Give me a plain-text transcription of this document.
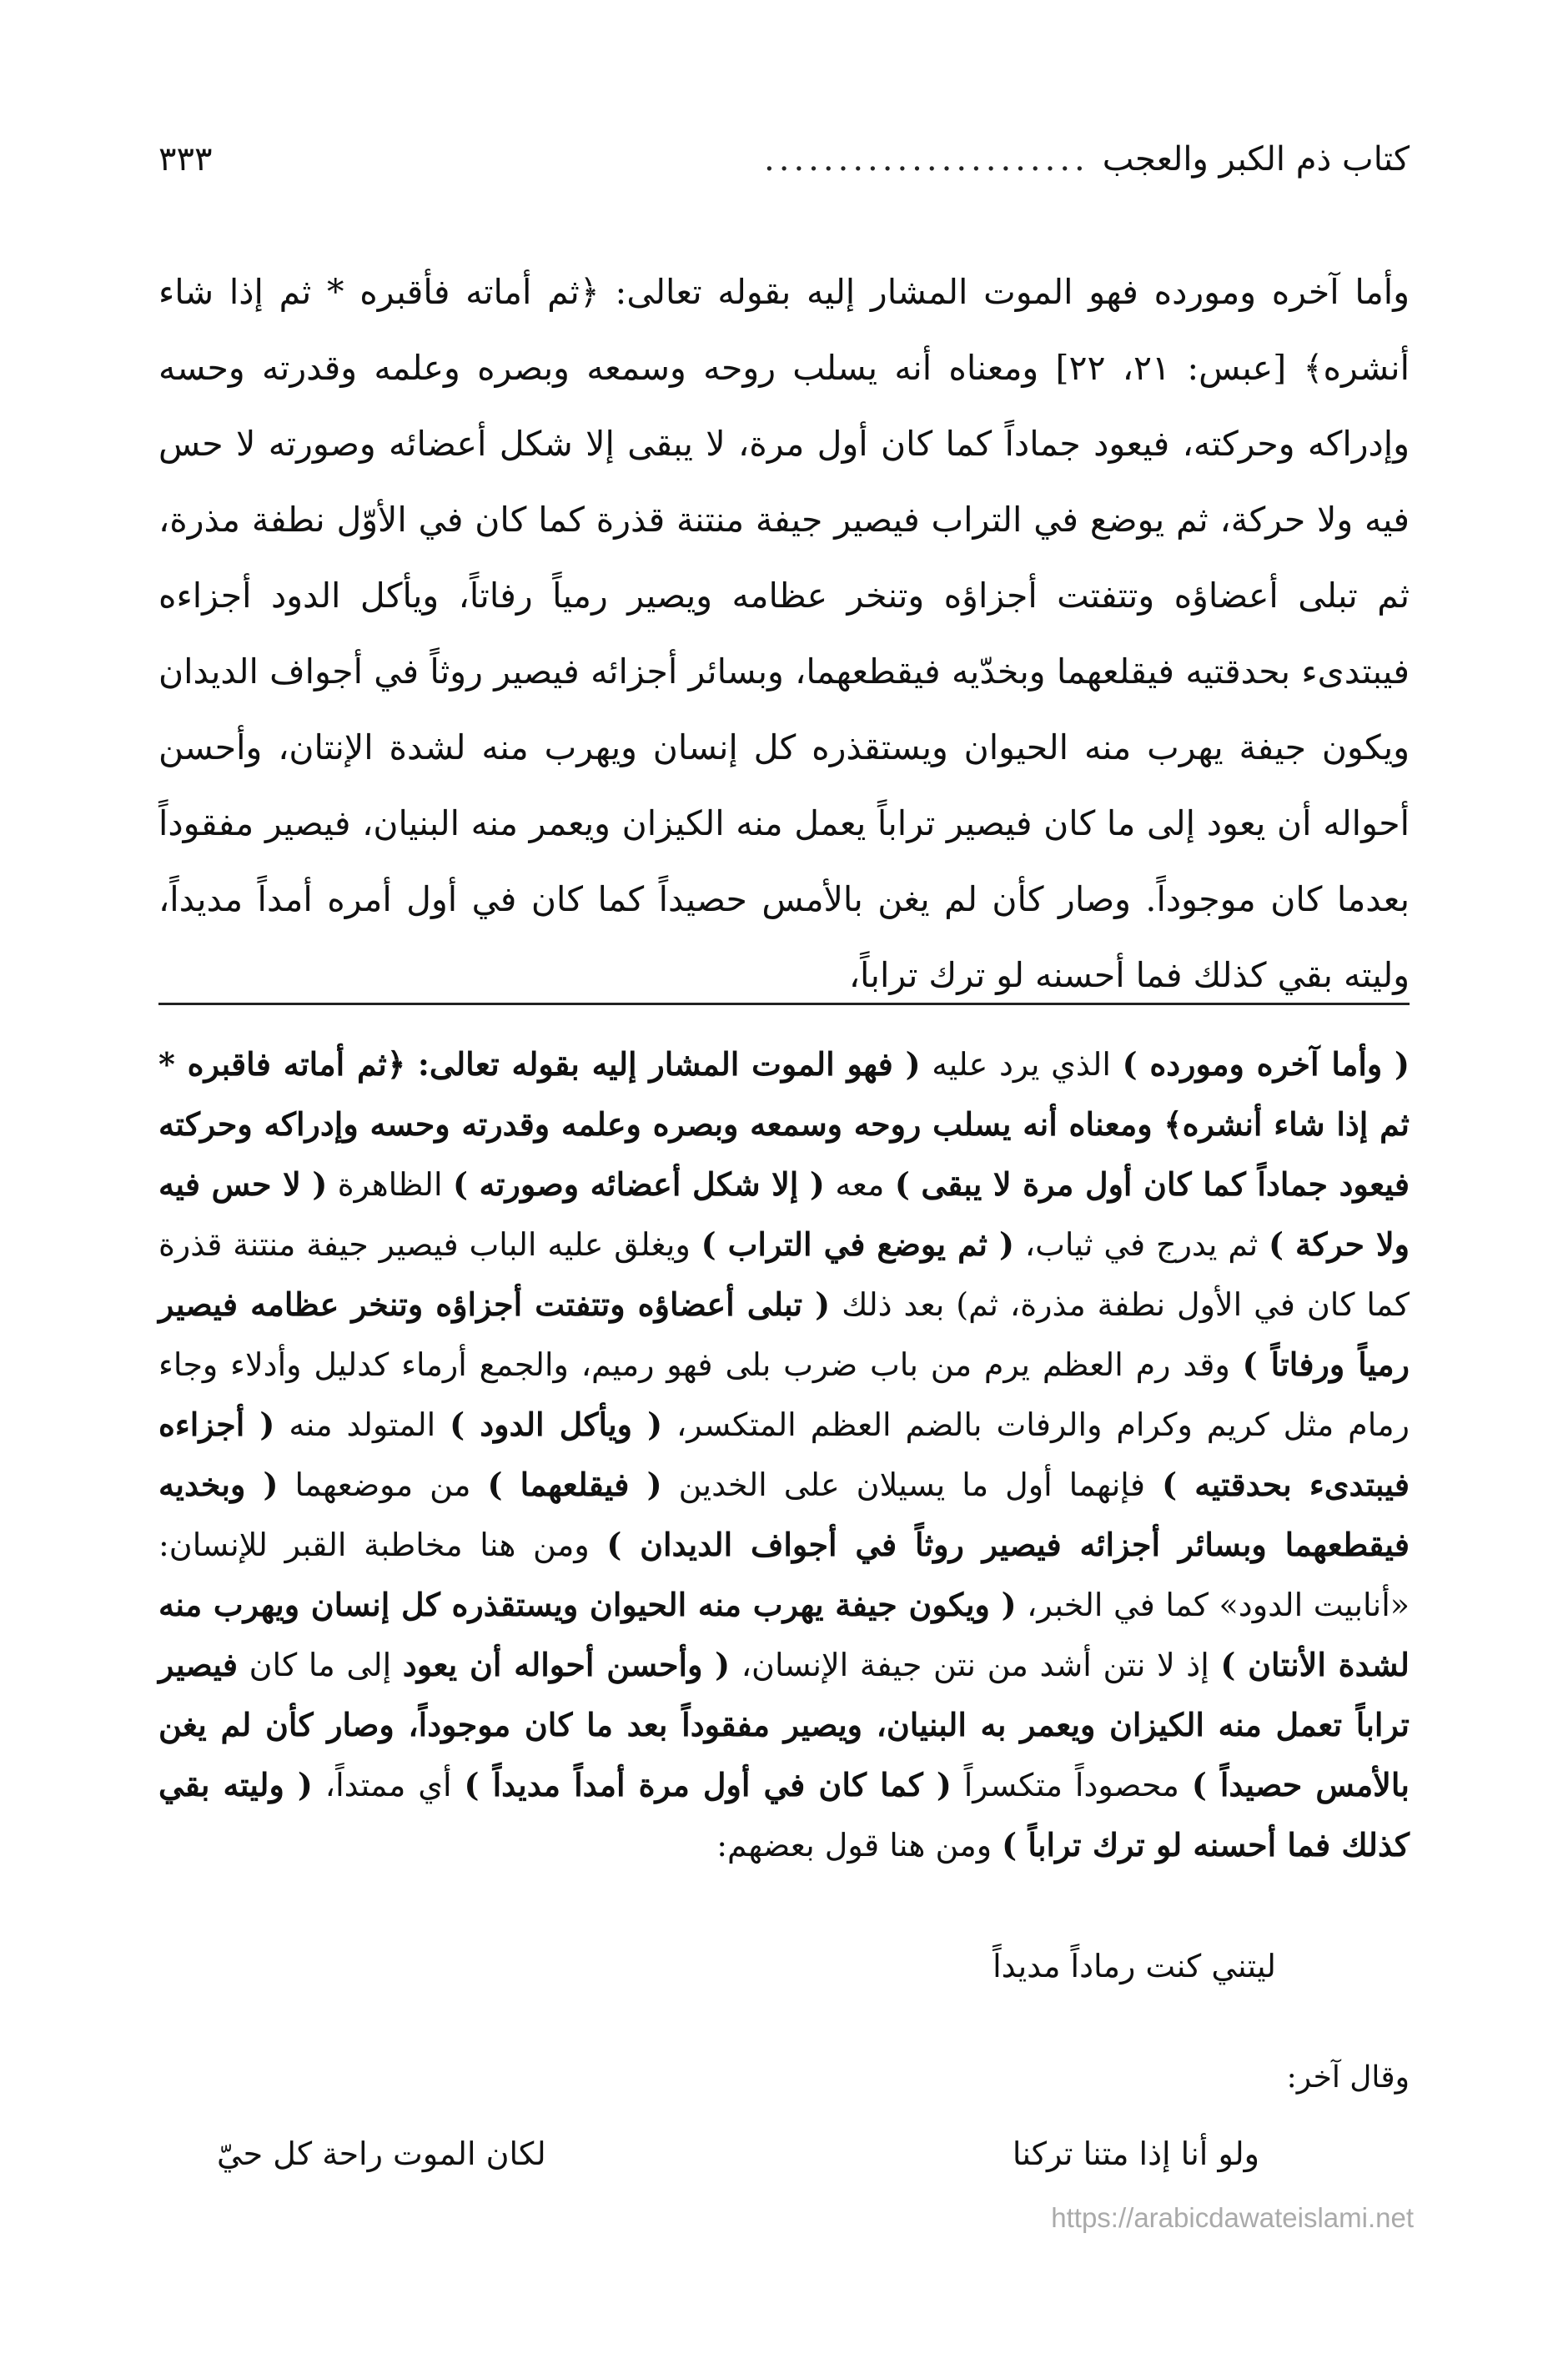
كتاب ذم الكبر والعجب
......................
٣٣٣

وأما آخره ومورده فهو الموت المشار إليه بقوله تعالى: ﴿ثم أماته فأقبره * ثم إذا شاء أنشره﴾ [عبس: ٢١، ٢٢] ومعناه أنه يسلب روحه وسمعه وبصره وعلمه وقدرته وحسه وإدراكه وحركته، فيعود جماداً كما كان أول مرة، لا يبقى إلا شكل أعضائه وصورته لا حس فيه ولا حركة، ثم يوضع في التراب فيصير جيفة منتنة قذرة كما كان في الأوّل نطفة مذرة، ثم تبلى أعضاؤه وتتفتت أجزاؤه وتنخر عظامه ويصير رمياً رفاتاً، ويأكل الدود أجزاءه فيبتدىء بحدقتيه فيقلعهما وبخدّيه فيقطعهما، وبسائر أجزائه فيصير روثاً في أجواف الديدان ويكون جيفة يهرب منه الحيوان ويستقذره كل إنسان ويهرب منه لشدة الإنتان، وأحسن أحواله أن يعود إلى ما كان فيصير تراباً يعمل منه الكيزان ويعمر منه البنيان، فيصير مفقوداً بعدما كان موجوداً. وصار كأن لم يغن بالأمس حصيداً كما كان في أول أمره أمداً مديداً، وليته بقي كذلك فما أحسنه لو ترك تراباً،

( وأما آخره ومورده ) الذي يرد عليه ( فهو الموت المشار إليه بقوله تعالى: ﴿ثم أماته فاقبره * ثم إذا شاء أنشره﴾ ومعناه أنه يسلب روحه وسمعه وبصره وعلمه وقدرته وحسه وإدراكه وحركته فيعود جماداً كما كان أول مرة لا يبقى ) معه ( إلا شكل أعضائه وصورته ) الظاهرة ( لا حس فيه ولا حركة ) ثم يدرج في ثياب، ( ثم يوضع في التراب ) ويغلق عليه الباب فيصير جيفة منتنة قذرة كما كان في الأول نطفة مذرة، ثم) بعد ذلك ( تبلى أعضاؤه وتتفتت أجزاؤه وتنخر عظامه فيصير رمياً ورفاتاً ) وقد رم العظم يرم من باب ضرب بلى فهو رميم، والجمع أرماء كدليل وأدلاء وجاء رمام مثل كريم وكرام والرفات بالضم العظم المتكسر، ( ويأكل الدود ) المتولد منه ( أجزاءه فيبتدىء بحدقتيه ) فإنهما أول ما يسيلان على الخدين ( فيقلعهما ) من موضعهما ( وبخديه فيقطعهما وبسائر أجزائه فيصير روثاً في أجواف الديدان ) ومن هنا مخاطبة القبر للإنسان: «أنابيت الدود» كما في الخبر، ( ويكون جيفة يهرب منه الحيوان ويستقذره كل إنسان ويهرب منه لشدة الأنتان ) إذ لا نتن أشد من نتن جيفة الإنسان، ( وأحسن أحواله أن يعود إلى ما كان فيصير تراباً تعمل منه الكيزان ويعمر به البنيان، ويصير مفقوداً بعد ما كان موجوداً، وصار كأن لم يغن بالأمس حصيداً ) محصوداً متكسراً ( كما كان في أول مرة أمداً مديداً ) أي ممتداً، ( وليته بقي كذلك فما أحسنه لو ترك تراباً ) ومن هنا قول بعضهم:

ليتني كنت رماداً مديداً
وقال آخر:
ولو أنا إذا متنا تركنا
لكان الموت راحة كل حيّ
https://arabicdawateislami.net
